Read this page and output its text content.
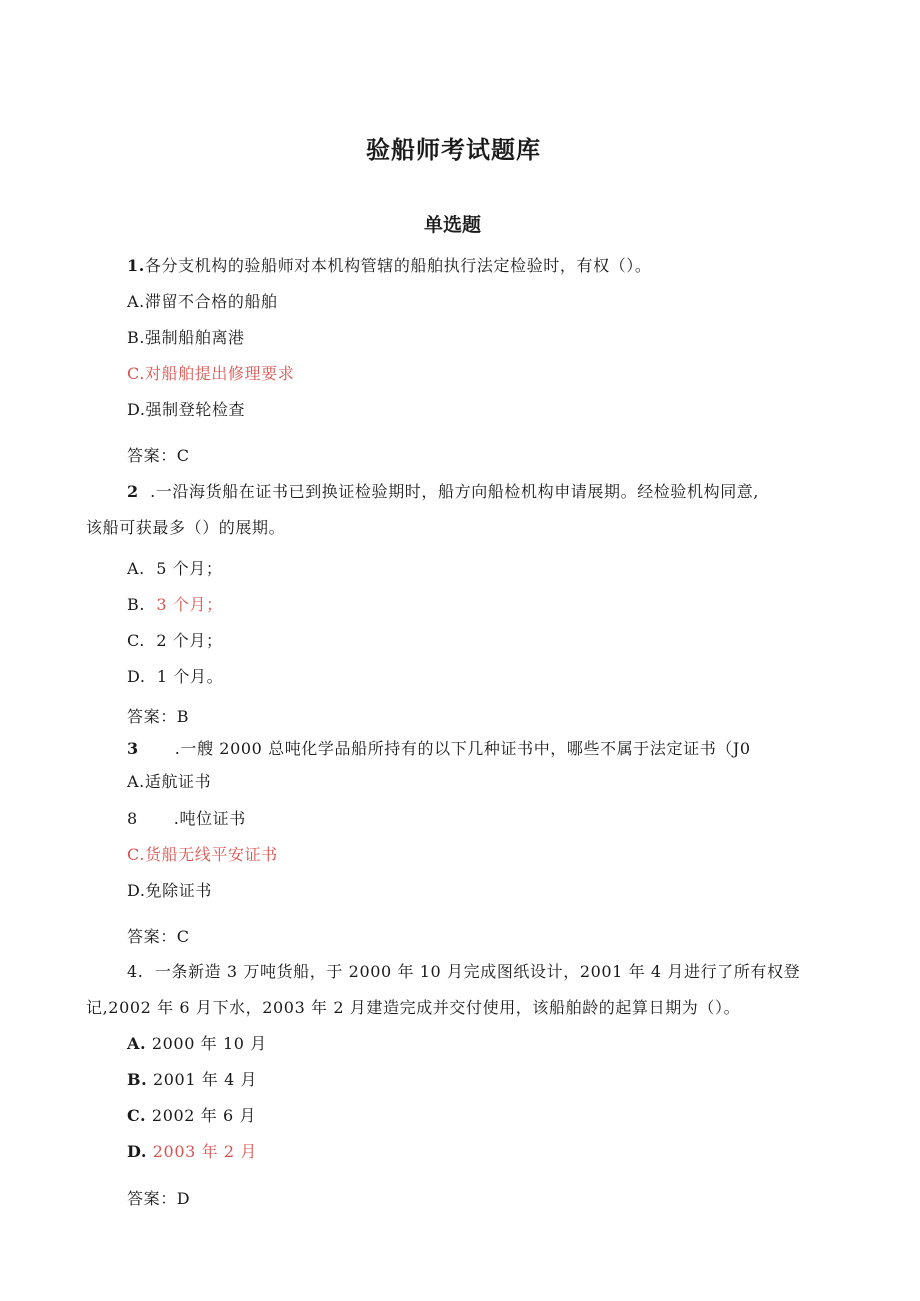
验船师考试题库
单选题
1.各分支机构的验船师对本机构管辖的船舶执行法定检验时，有权（）。
A.滞留不合格的船舶
B.强制船舶离港
C.对船舶提出修理要求
D.强制登轮检查
答案：C
2 .一沿海货船在证书已到换证检验期时，船方向船检机构申请展期。经检验机构同意,
该船可获最多（）的展期。
A. 5 个月；
B. 3 个月；
C. 2 个月；
D. 1 个月。
答案：B
3 .一艘 2000 总吨化学品船所持有的以下几种证书中，哪些不属于法定证书（J0
A.适航证书
8 .吨位证书
C.货船无线平安证书
D.免除证书
答案：C
4. 一条新造 3 万吨货船，于 2000 年 10 月完成图纸设计，2001 年 4 月进行了所有权登
记,2002 年 6 月下水，2003 年 2 月建造完成并交付使用，该船舶龄的起算日期为（）。
A. 2000 年 10 月
B. 2001 年 4 月
C. 2002 年 6 月
D. 2003 年 2 月
答案：D
